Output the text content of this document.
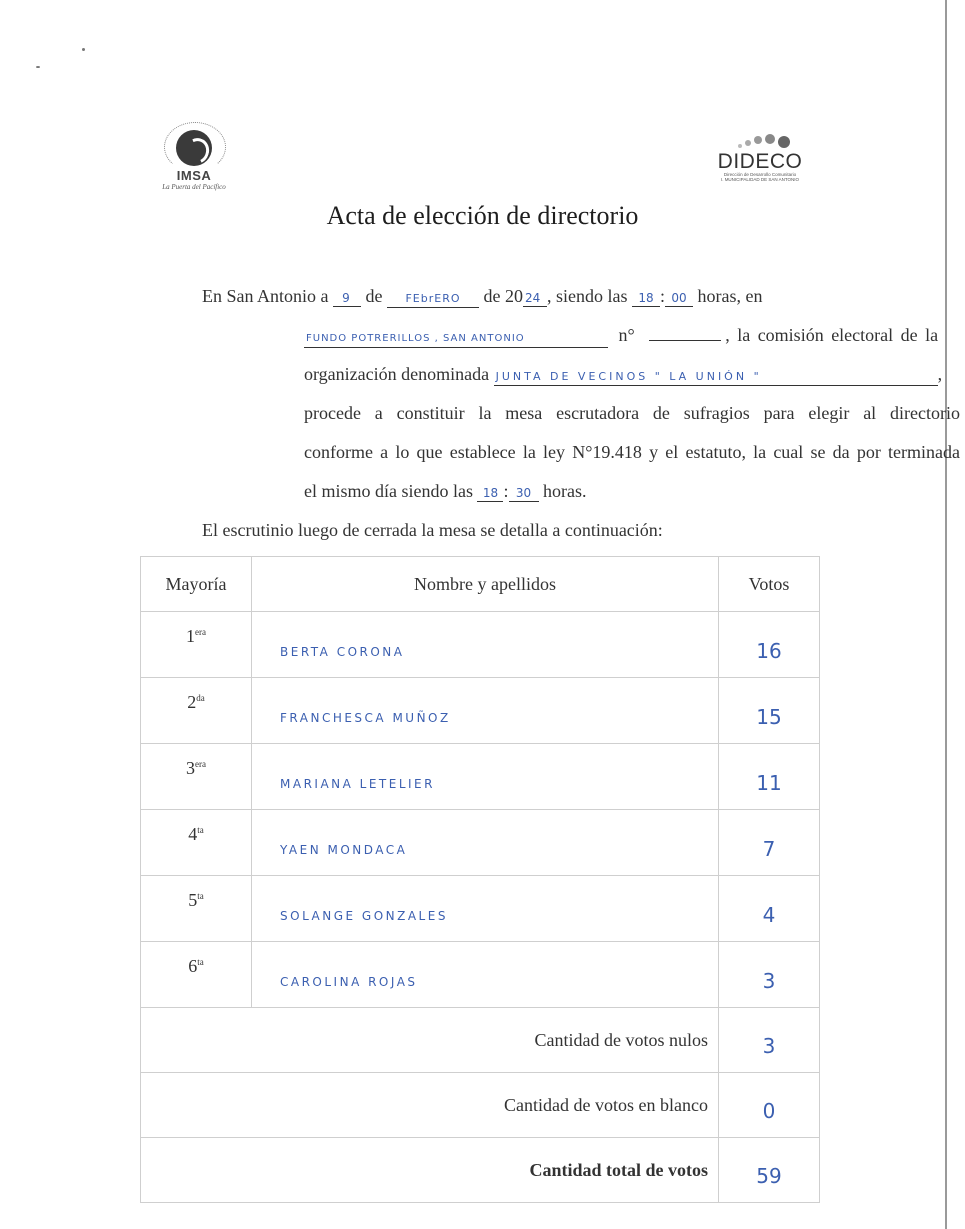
IMSA
La Puerta del Pacífico
DIDECO
Dirección de Desarrollo Comunitario
I. MUNICIPALIDAD DE SAN ANTONIO
Acta de elección de directorio
En San Antonio a 9 de FEbrERO de 20 24 , siendo las 18 : 00 horas, en
FUNDO POTRERILLOS , SAN ANTONIO	n°	, la comisión electoral de la
organización denominada JUNTA DE VECINOS " LA UNIÓN "	,
procede a constituir la mesa escrutadora de sufragios para elegir al directorio
conforme a lo que establece la ley N°19.418 y el estatuto, la cual se da por terminada
el mismo día siendo las 18 : 30 horas.
El escrutinio luego de cerrada la mesa se detalla a continuación:
Mayoría	Nombre y apellidos	Votos
$1^{era}$	BERTA CORONA	16
$2^{da}$	FRANCHESCA MUÑOZ	15
$3^{era}$	MARIANA LETELIER	11
$4^{ta}$	YAEN MONDACA	7
$5^{ta}$	SOLANGE GONZALES	4
$6^{ta}$	CAROLINA ROJAS	3
Cantidad de votos nulos		3
Cantidad de votos en blanco		0
Cantidad total de votos		59
